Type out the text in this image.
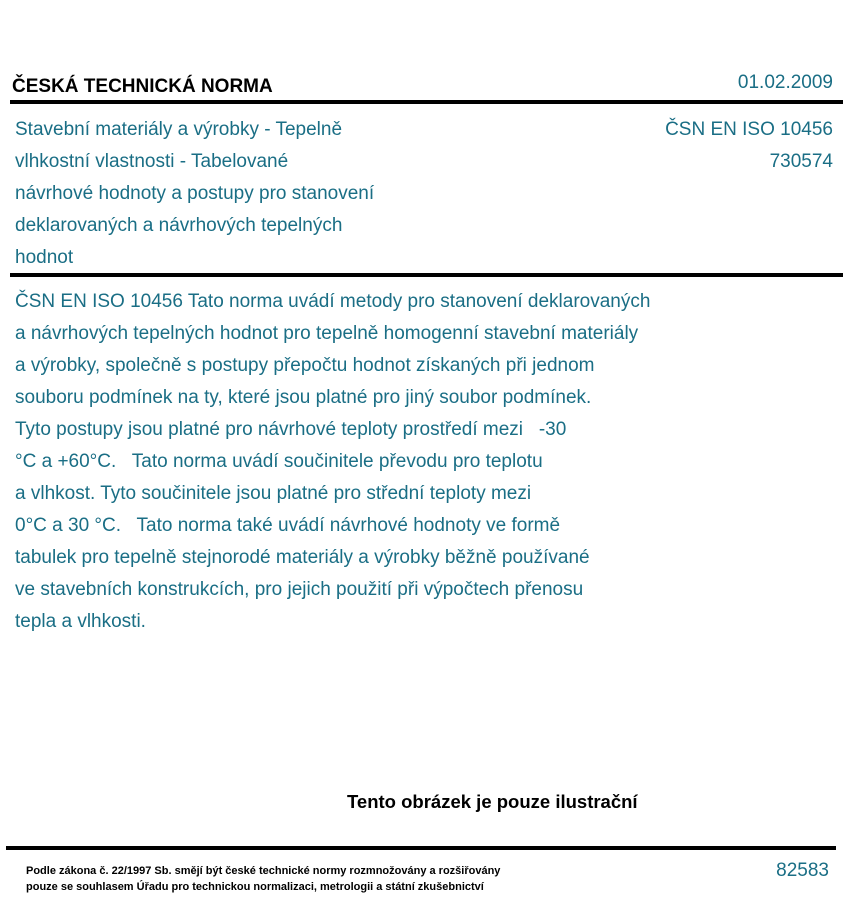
ČESKÁ TECHNICKÁ NORMA	01.02.2009
Stavební materiály a výrobky - Tepelně
vlhkostní vlastnosti - Tabelované
návrhové hodnoty a postupy pro stanovení
deklarovaných a návrhových tepelných
hodnot
ČSN EN ISO 10456
730574
ČSN EN ISO 10456 Tato norma uvádí metody pro stanovení deklarovaných
a návrhových tepelných hodnot pro tepelně homogenní stavební materiály
a výrobky, společně s postupy přepočtu hodnot získaných při jednom
souboru podmínek na ty, které jsou platné pro jiný soubor podmínek.
Tyto postupy jsou platné pro návrhové teploty prostředí mezi   -30
°C a +60°C.   Tato norma uvádí součinitele převodu pro teplotu
a vlhkost. Tyto součinitele jsou platné pro střední teploty mezi
0°C a 30 °C.   Tato norma také uvádí návrhové hodnoty ve formě
tabulek pro tepelně stejnorodé materiály a výrobky běžně používané
ve stavebních konstrukcích, pro jejich použití při výpočtech přenosu
tepla a vlhkosti.
Tento obrázek je pouze ilustrační
Podle zákona č. 22/1997 Sb. smějí být české technické normy rozmnožovány a rozšiřovány
pouze se souhlasem Úřadu pro technickou normalizaci, metrologii a státní zkušebnictví
82583
